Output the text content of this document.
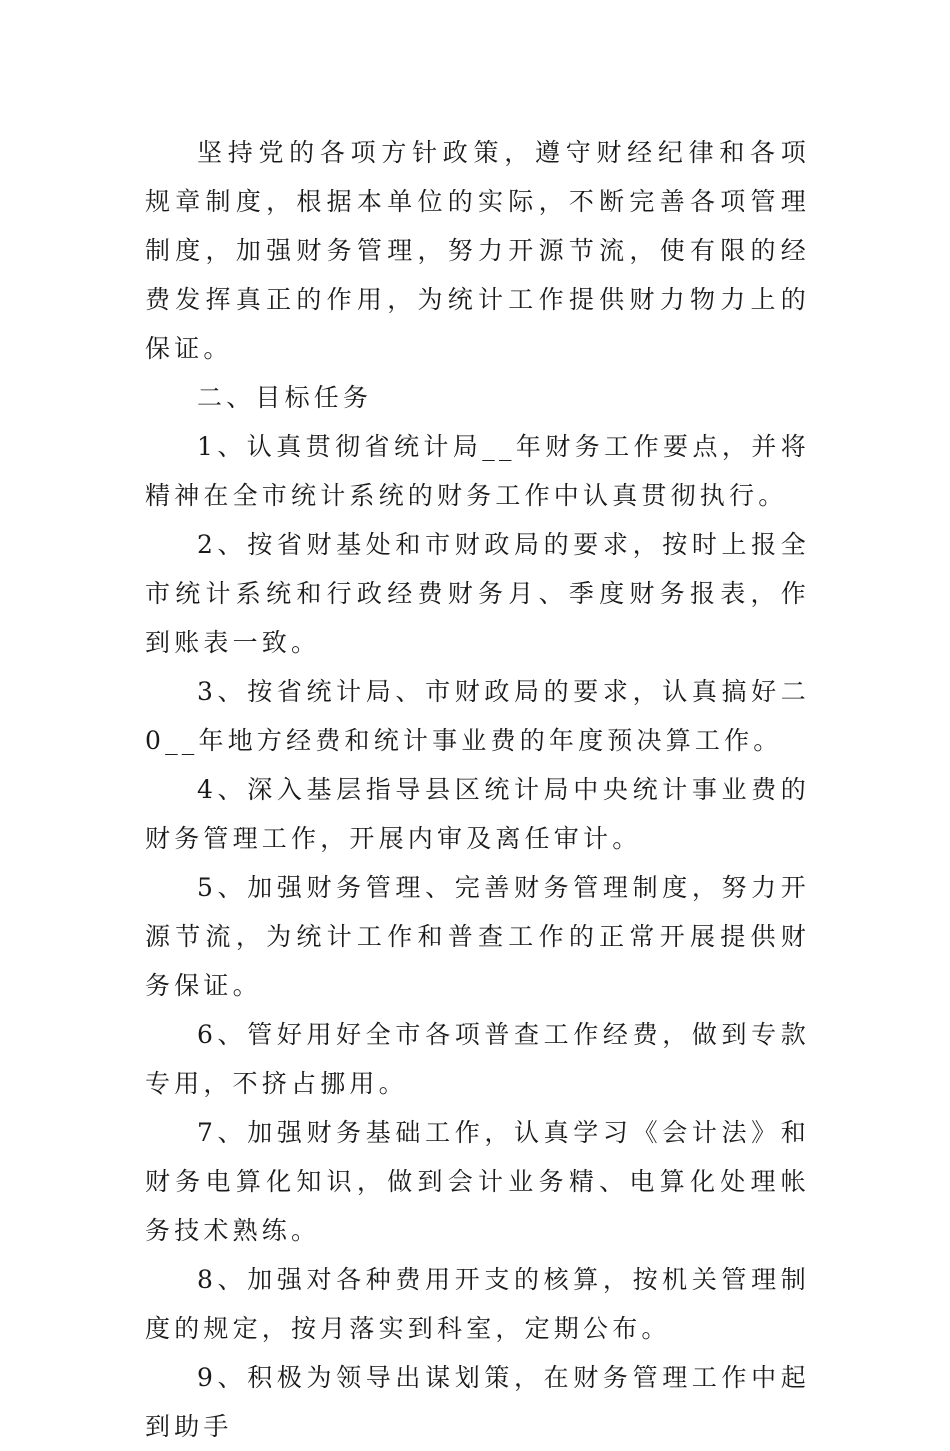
坚持党的各项方针政策，遵守财经纪律和各项规章制度，根据本单位的实际，不断完善各项管理制度，加强财务管理，努力开源节流，使有限的经费发挥真正的作用，为统计工作提供财力物力上的保证。

二、目标任务

1、认真贯彻省统计局__年财务工作要点，并将精神在全市统计系统的财务工作中认真贯彻执行。

2、按省财基处和市财政局的要求，按时上报全市统计系统和行政经费财务月、季度财务报表，作到账表一致。

3、按省统计局、市财政局的要求，认真搞好二0__年地方经费和统计事业费的年度预决算工作。

4、深入基层指导县区统计局中央统计事业费的财务管理工作，开展内审及离任审计。

5、加强财务管理、完善财务管理制度，努力开源节流，为统计工作和普查工作的正常开展提供财务保证。

6、管好用好全市各项普查工作经费，做到专款专用，不挤占挪用。

7、加强财务基础工作，认真学习《会计法》和财务电算化知识，做到会计业务精、电算化处理帐务技术熟练。

8、加强对各种费用开支的核算，按机关管理制度的规定，按月落实到科室，定期公布。

9、积极为领导出谋划策，在财务管理工作中起到助手
